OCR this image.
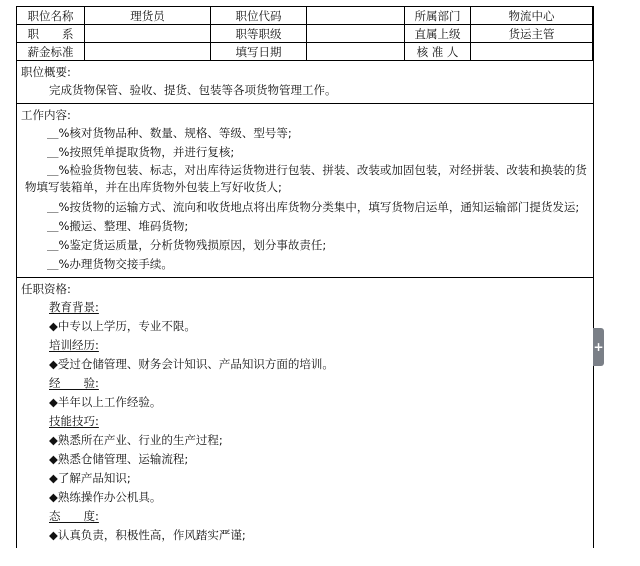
职位名称	理货员	职位代码		所属部门	物流中心
职　　系		职等职级		直属上级	货运主管
薪金标准		填写日期		核 准 人	
职位概要:
完成货物保管、验收、提货、包装等各项货物管理工作。
工作内容:
＿%核对货物品种、数量、规格、等级、型号等;
＿%按照凭单提取货物，并进行复核;
＿%检验货物包装、标志，对出库待运货物进行包装、拼装、改装或加固包装，对经拼装、改装和换装的货
物填写装箱单，并在出库货物外包装上写好收货人;
＿%按货物的运输方式、流向和收货地点将出库货物分类集中，填写货物启运单，通知运输部门提货发运;
＿%搬运、整理、堆码货物;
＿%鉴定货运质量，分析货物残损原因，划分事故责任;
＿%办理货物交接手续。
任职资格:
教育背景:
◆中专以上学历，专业不限。
培训经历:
◆受过仓储管理、财务会计知识、产品知识方面的培训。
经　　验:
◆半年以上工作经验。
技能技巧:
◆熟悉所在产业、行业的生产过程;
◆熟悉仓储管理、运输流程;
◆了解产品知识;
◆熟练操作办公机具。
态　　度:
◆认真负责，积极性高，作风踏实严谨;
+
